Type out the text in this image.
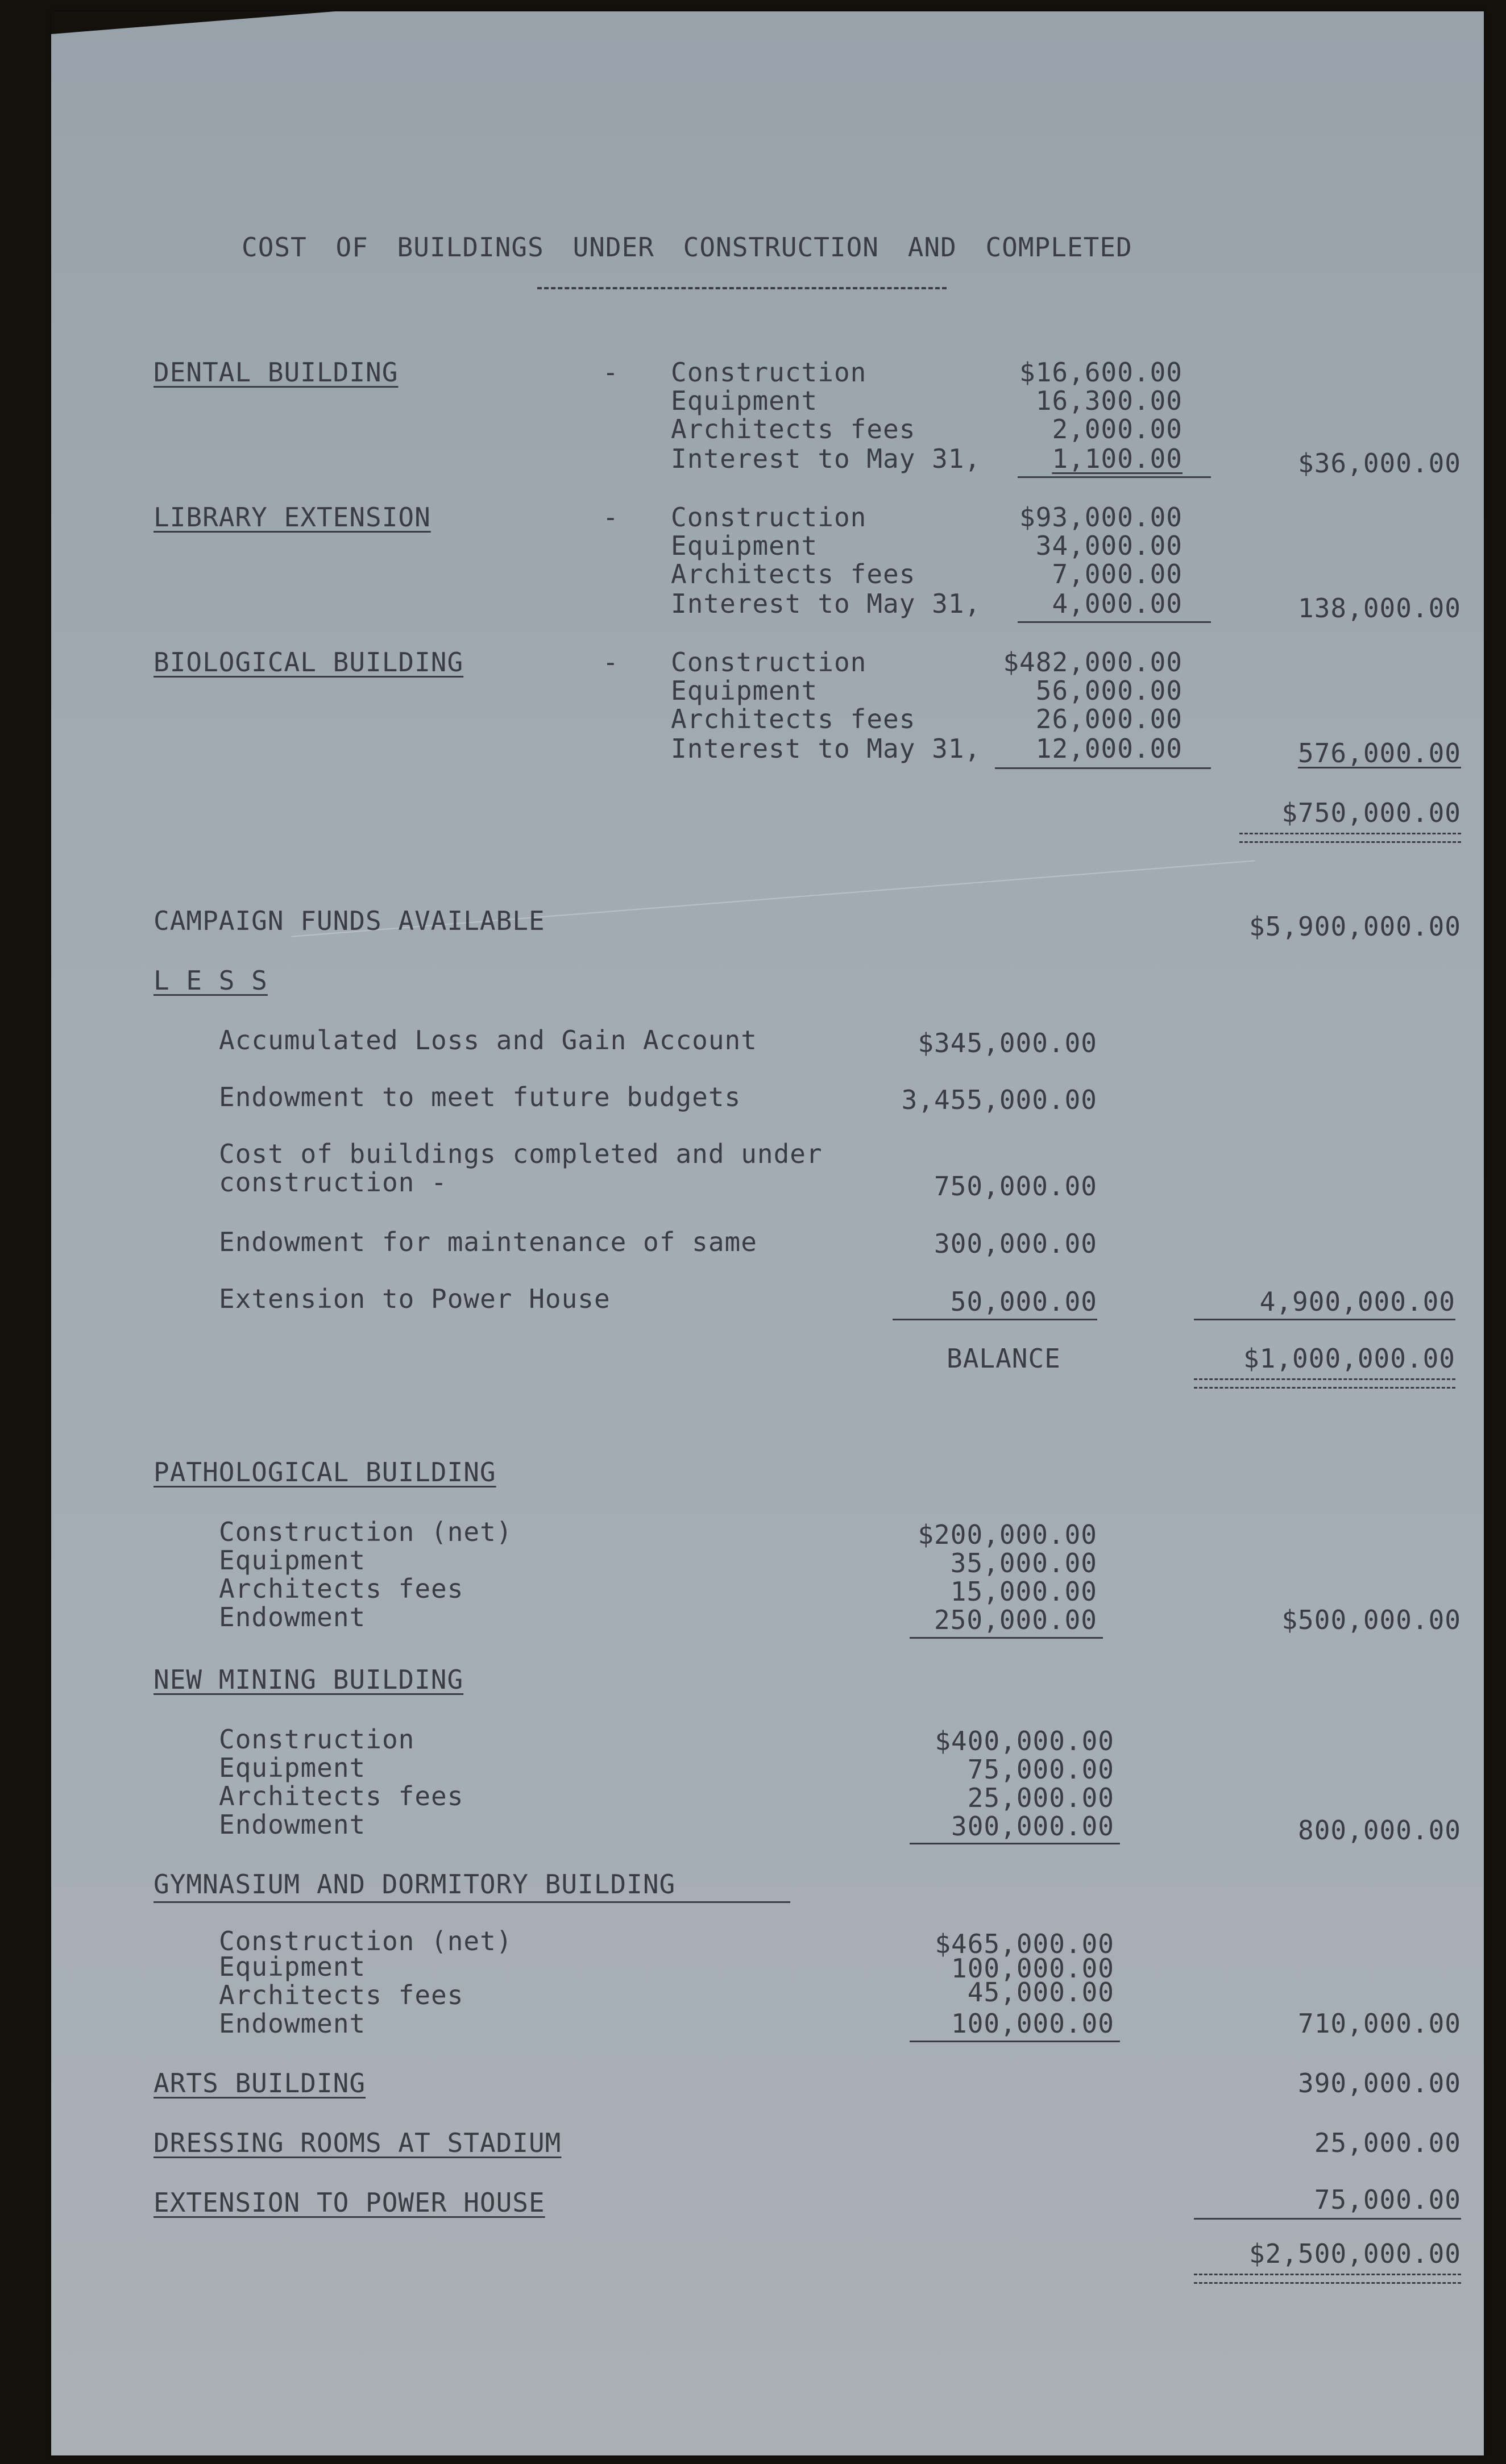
COST OF BUILDINGS UNDER CONSTRUCTION AND COMPLETED
DENTAL BUILDING	- Construction	$16,600.00
Equipment	16,300.00
Architects fees	2,000.00
Interest to May 31,	1,100.00	$36,000.00
LIBRARY EXTENSION	- Construction	$93,000.00
Equipment	34,000.00
Architects fees	7,000.00
Interest to May 31,	4,000.00	138,000.00
BIOLOGICAL BUILDING	- Construction	$482,000.00
Equipment	56,000.00
Architects fees	26,000.00
Interest to May 31,	12,000.00	576,000.00
$750,000.00
CAMPAIGN FUNDS AVAILABLE	$5,900,000.00
L E S S
Accumulated Loss and Gain Account	$345,000.00
Endowment to meet future budgets	3,455,000.00
Cost of buildings completed and under
construction -	750,000.00
Endowment for maintenance of same	300,000.00
Extension to Power House	50,000.00	4,900,000.00
BALANCE	$1,000,000.00
PATHOLOGICAL BUILDING
Construction (net)	$200,000.00
Equipment	35,000.00
Architects fees	15,000.00
Endowment	250,000.00	$500,000.00
NEW MINING BUILDING
Construction	$400,000.00
Equipment	75,000.00
Architects fees	25,000.00
Endowment	300,000.00	800,000.00
GYMNASIUM AND DORMITORY BUILDING
Construction (net)	$465,000.00
Equipment	100,000.00
Architects fees	45,000.00
Endowment	100,000.00	710,000.00
ARTS BUILDING	390,000.00
DRESSING ROOMS AT STADIUM	25,000.00
EXTENSION TO POWER HOUSE	75,000.00
$2,500,000.00
